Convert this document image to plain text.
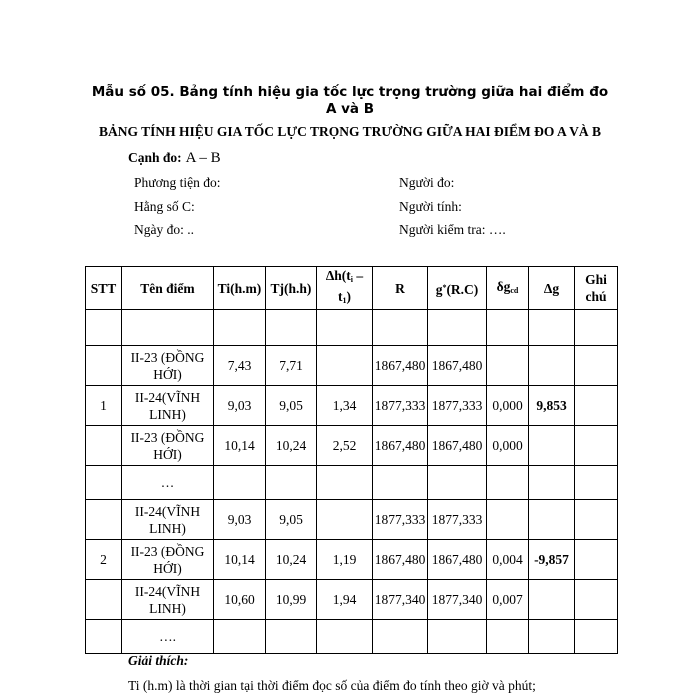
Mẫu số 05. Bảng tính hiệu gia tốc lực trọng trường giữa hai điểm đo A và B
BẢNG TÍNH HIỆU GIA TỐC LỰC TRỌNG TRƯỜNG GIỮA HAI ĐIỂM ĐO A VÀ B
Cạnh đo: A – B
Phương tiện đo:
Hằng số C:
Ngày đo: ..
Người đo:
Người tính:
Người kiểm tra: ….
STT	Tên điểm	Ti(h.m)	Tj(h.h)	$\Delta h(t_i - t_1)$	R	g*(R.C)	$\delta g_{cd}$	Δg	Ghi chú

	II-23 (ĐỒNG HỚI)	7,43	7,71		1867,480	1867,480			
1	II-24(VĨNH LINH)	9,03	9,05	1,34	1877,333	1877,333	0,000	9,853	
	II-23 (ĐỒNG HỚI)	10,14	10,24	2,52	1867,480	1867,480	0,000		
	…								
	II-24(VĨNH LINH)	9,03	9,05		1877,333	1877,333			
2	II-23 (ĐỒNG HỚI)	10,14	10,24	1,19	1867,480	1867,480	0,004	-9,857	
	II-24(VĨNH LINH)	10,60	10,99	1,94	1877,340	1877,340	0,007		
	….								
Giải thích:
Ti (h.m) là thời gian tại thời điểm đọc số của điểm đo tính theo giờ và phút;
